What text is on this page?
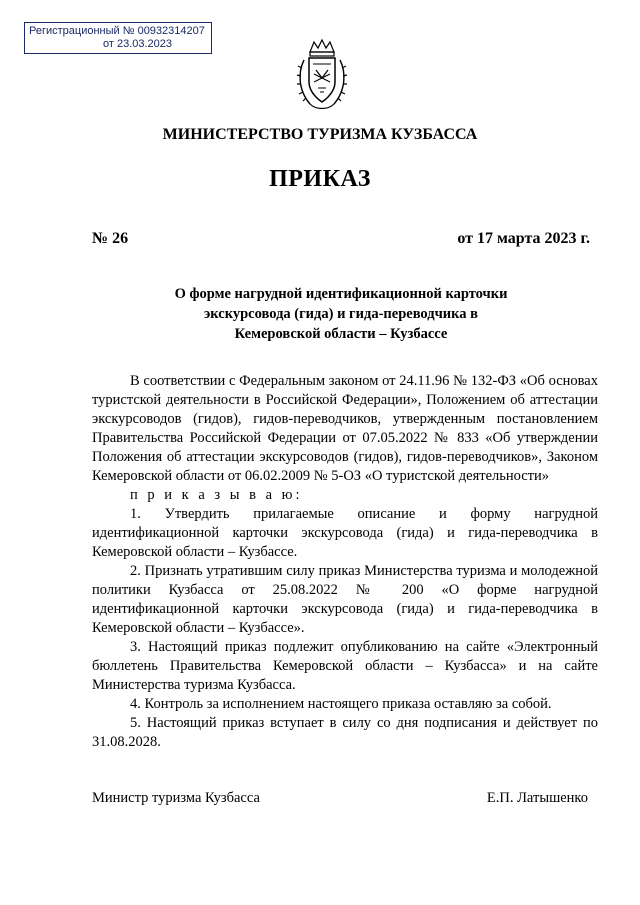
Регистрационный № 00932314207
от 23.03.2023
МИНИСТЕРСТВО ТУРИЗМА КУЗБАССА
ПРИКАЗ
№ 26	от 17 марта 2023 г.
О форме нагрудной идентификационной карточки
экскурсовода (гида) и гида-переводчика в
Кемеровской области – Кузбассе

В соответствии с Федеральным законом от 24.11.96 № 132-ФЗ «Об основах туристской деятельности в Российской Федерации», Положением об аттестации экскурсоводов (гидов), гидов-переводчиков, утвержденным постановлением Правительства Российской Федерации от 07.05.2022 № 833 «Об утверждении Положения об аттестации экскурсоводов (гидов), гидов-переводчиков», Законом Кемеровской области от 06.02.2009 № 5-ОЗ «О туристской деятельности»

п р и к а з ы в а ю:

1. Утвердить прилагаемые описание и форму нагрудной идентификационной карточки экскурсовода (гида) и гида-переводчика в Кемеровской области – Кузбассе.

2. Признать утратившим силу приказ Министерства туризма и молодежной политики Кузбасса от 25.08.2022 № 200 «О форме нагрудной идентификационной карточки экскурсовода (гида) и гида-переводчика в Кемеровской области – Кузбассе».

3. Настоящий приказ подлежит опубликованию на сайте «Электронный бюллетень Правительства Кемеровской области – Кузбасса» и на сайте Министерства туризма Кузбасса.

4. Контроль за исполнением настоящего приказа оставляю за собой.

5. Настоящий приказ вступает в силу со дня подписания и действует по 31.08.2028.

Министр туризма Кузбасса	Е.П. Латышенко
